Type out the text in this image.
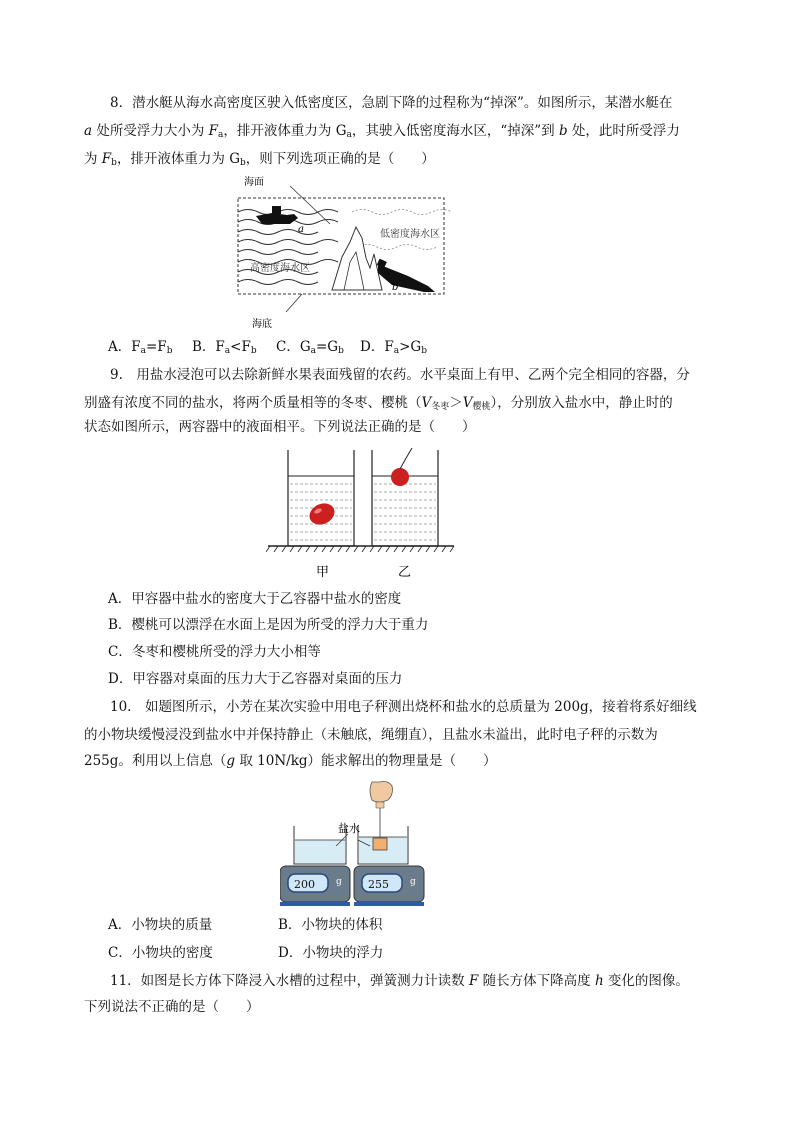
8．潜水艇从海水高密度区驶入低密度区，急剧下降的过程称为“掉深”。如图所示，某潜水艇在
a 处所受浮力大小为 $F_a$，排开液体重力为 $G_a$，其驶入低密度海水区，“掉深”到 b 处，此时所受浮力
为 $F_b$，排开液体重力为 $G_b$，则下列选项正确的是（　　）
海面
a	低密度海水区
高密度海水区
b
海底
A．$F_a=F_b$ B．$F_a<F_b$ C．$G_a=G_b$ D．$F_a>G_b$
9.　用盐水浸泡可以去除新鲜水果表面残留的农药。水平桌面上有甲、乙两个完全相同的容器，分
别盛有浓度不同的盐水，将两个质量相等的冬枣、樱桃$(V_{冬枣}>V_{樱桃})$，分别放入盐水中，静止时的
状态如图所示，两容器中的液面相平。下列说法正确的是（　　）
甲	乙
A．甲容器中盐水的密度大于乙容器中盐水的密度
B．樱桃可以漂浮在水面上是因为所受的浮力大于重力
C．冬枣和樱桃所受的浮力大小相等
D．甲容器对桌面的压力大于乙容器对桌面的压力
10.　如题图所示，小芳在某次实验中用电子秤测出烧杯和盐水的总质量为 200g，接着将系好细线
的小物块缓慢浸没到盐水中并保持静止（未触底，绳绷直），且盐水未溢出，此时电子秤的示数为
255g。利用以上信息（g 取 10N/kg）能求解出的物理量是（　　）
盐水
200 g 255 g
A．小物块的质量	B．小物块的体积
C．小物块的密度	D．小物块的浮力
11．如图是长方体下降浸入水槽的过程中，弹簧测力计读数 F 随长方体下降高度 h 变化的图像。
下列说法不正确的是（　　）
